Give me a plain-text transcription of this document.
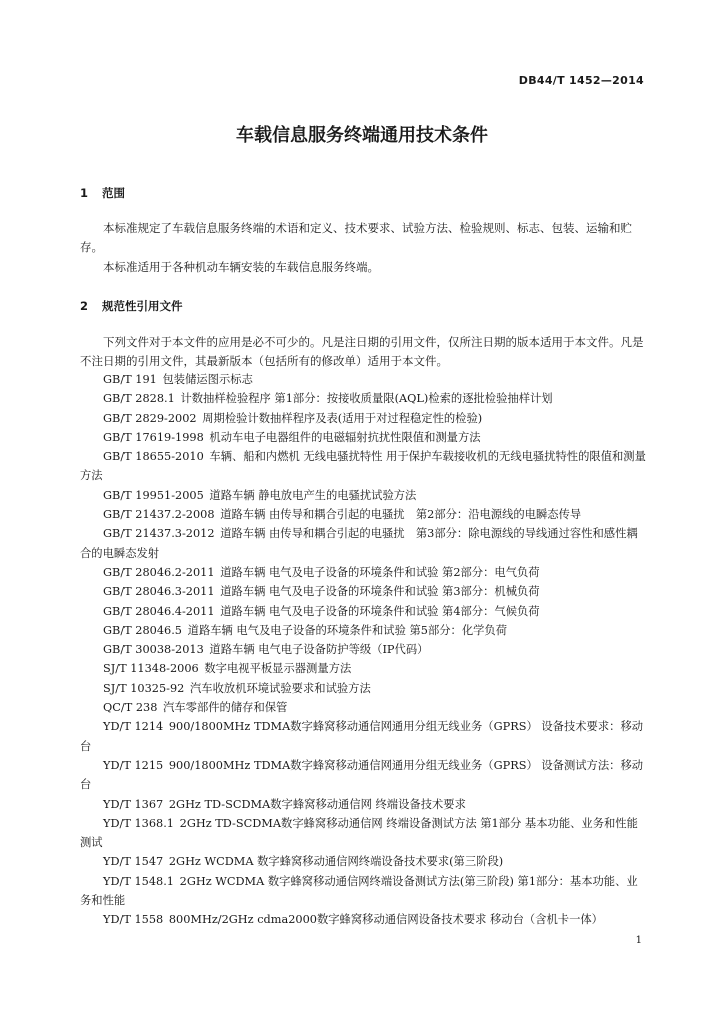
DB44/T 1452—2014
车载信息服务终端通用技术条件
1 范围
本标准规定了车载信息服务终端的术语和定义、技术要求、试验方法、检验规则、标志、包装、运输和贮存。
本标准适用于各种机动车辆安装的车载信息服务终端。
2 规范性引用文件
下列文件对于本文件的应用是必不可少的。凡是注日期的引用文件，仅所注日期的版本适用于本文件。凡是不注日期的引用文件，其最新版本（包括所有的修改单）适用于本文件。
GB/T 191  包装储运图示标志
GB/T 2828.1  计数抽样检验程序 第1部分：按接收质量限(AQL)检索的逐批检验抽样计划
GB/T 2829-2002  周期检验计数抽样程序及表(适用于对过程稳定性的检验)
GB/T 17619-1998  机动车电子电器组件的电磁辐射抗扰性限值和测量方法
GB/T 18655-2010  车辆、船和内燃机 无线电骚扰特性 用于保护车载接收机的无线电骚扰特性的限值和测量方法
GB/T 19951-2005  道路车辆 静电放电产生的电骚扰试验方法
GB/T 21437.2-2008  道路车辆 由传导和耦合引起的电骚扰　第2部分：沿电源线的电瞬态传导
GB/T 21437.3-2012  道路车辆 由传导和耦合引起的电骚扰　第3部分：除电源线的导线通过容性和感性耦合的电瞬态发射
GB/T 28046.2-2011  道路车辆 电气及电子设备的环境条件和试验 第2部分：电气负荷
GB/T 28046.3-2011  道路车辆 电气及电子设备的环境条件和试验 第3部分：机械负荷
GB/T 28046.4-2011  道路车辆 电气及电子设备的环境条件和试验 第4部分：气候负荷
GB/T 28046.5  道路车辆 电气及电子设备的环境条件和试验 第5部分：化学负荷
GB/T 30038-2013  道路车辆 电气电子设备防护等级（IP代码）
SJ/T 11348-2006  数字电视平板显示器测量方法
SJ/T 10325-92  汽车收放机环境试验要求和试验方法
QC/T 238  汽车零部件的储存和保管
YD/T 1214  900/1800MHz TDMA数字蜂窝移动通信网通用分组无线业务（GPRS） 设备技术要求：移动台
YD/T 1215  900/1800MHz TDMA数字蜂窝移动通信网通用分组无线业务（GPRS） 设备测试方法：移动台
YD/T 1367  2GHz TD-SCDMA数字蜂窝移动通信网 终端设备技术要求
YD/T 1368.1  2GHz TD-SCDMA数字蜂窝移动通信网 终端设备测试方法 第1部分 基本功能、业务和性能测试
YD/T 1547  2GHz WCDMA 数字蜂窝移动通信网终端设备技术要求(第三阶段)
YD/T 1548.1  2GHz WCDMA 数字蜂窝移动通信网终端设备测试方法(第三阶段) 第1部分：基本功能、业务和性能
YD/T 1558  800MHz/2GHz cdma2000数字蜂窝移动通信网设备技术要求 移动台（含机卡一体）
1
